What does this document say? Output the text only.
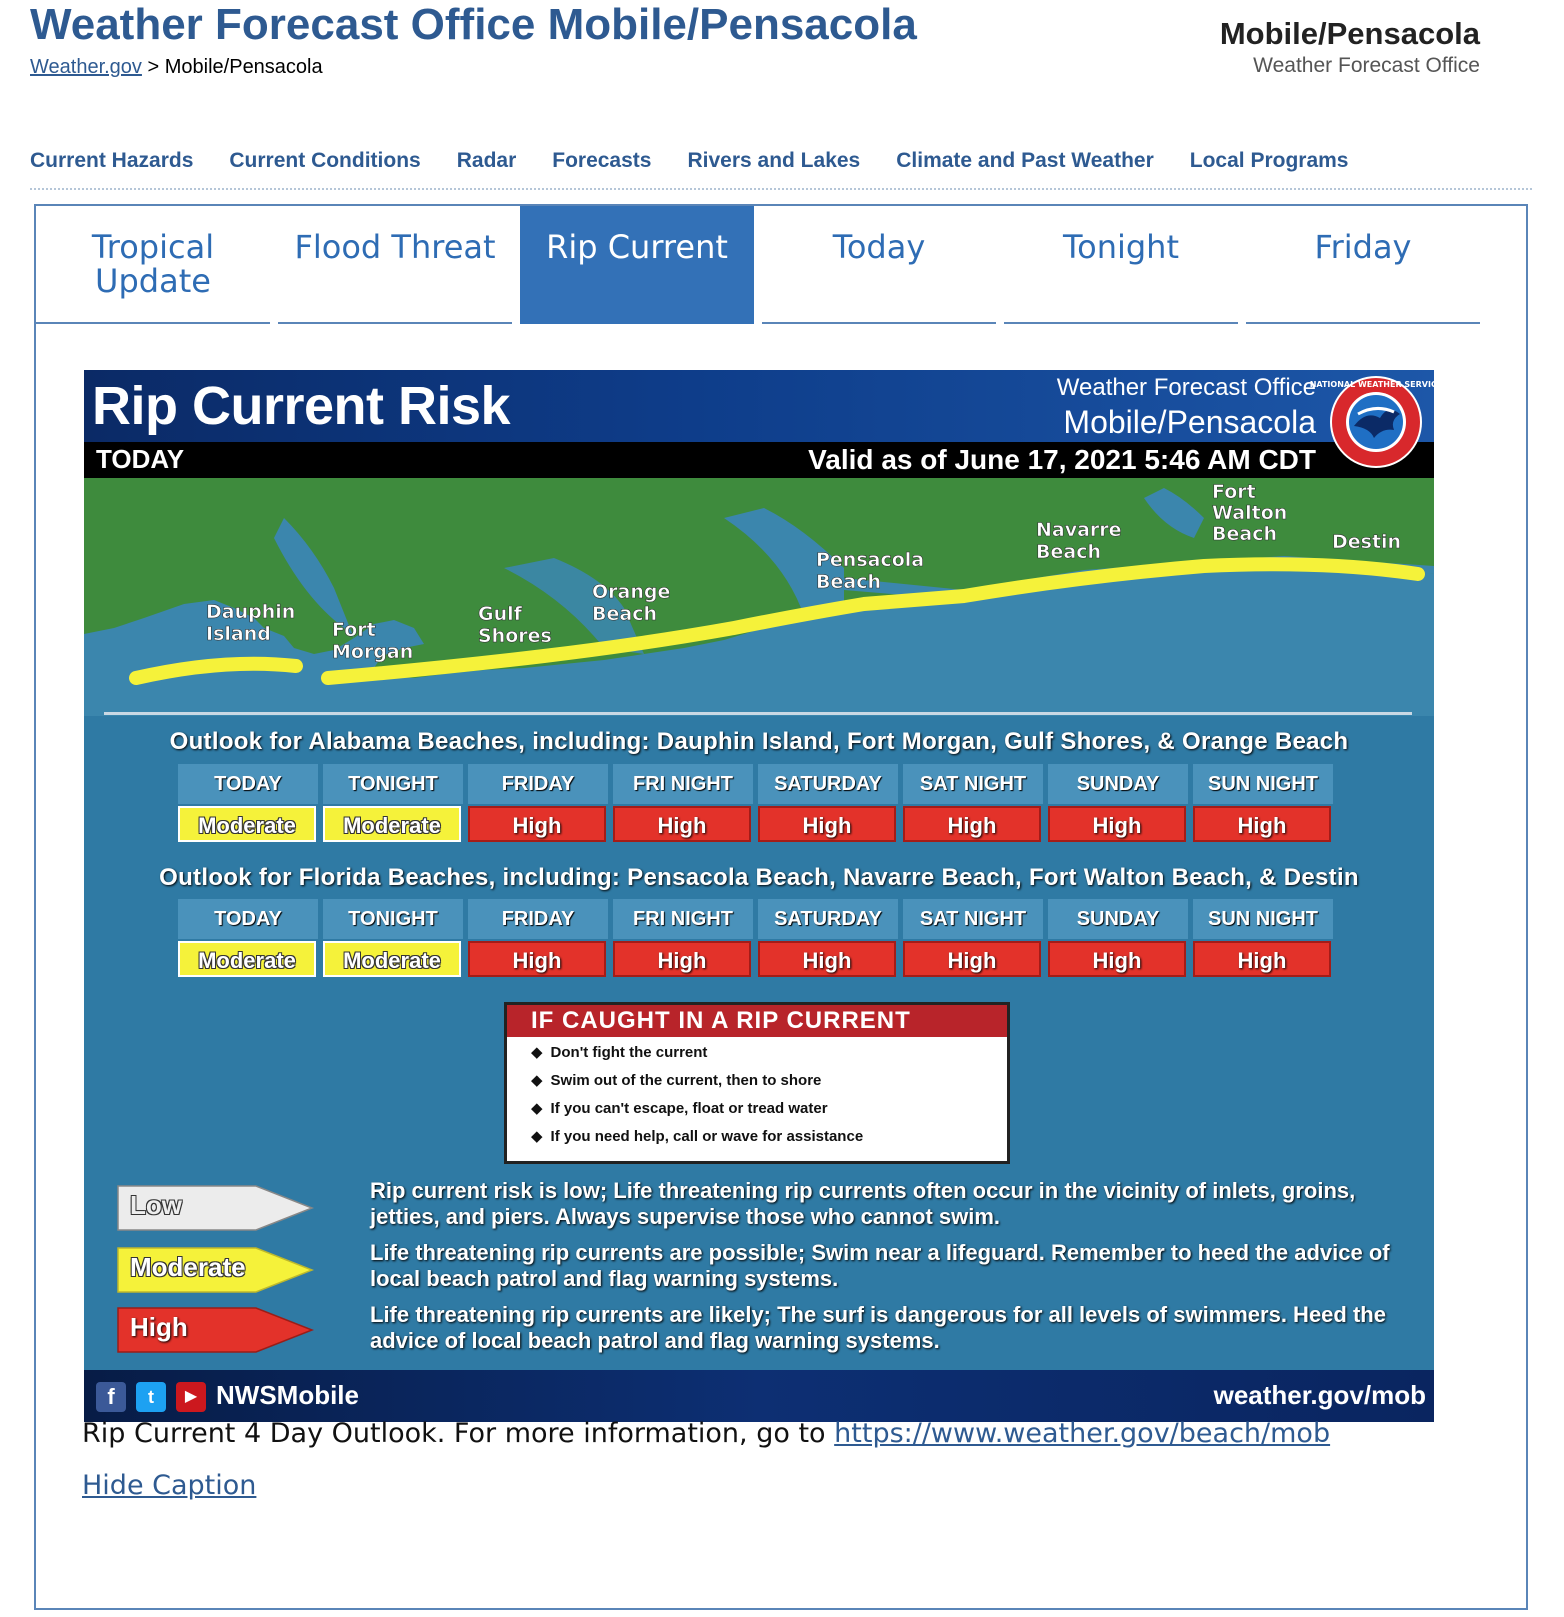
Weather Forecast Office Mobile/Pensacola
Weather.gov > Mobile/Pensacola
Mobile/Pensacola
Weather Forecast Office
Current Hazards Current Conditions Radar Forecasts Rivers and Lakes Climate and Past Weather Local Programs
Tropical Update
Flood Threat	Rip Current	Today	Tonight	Friday
Rip Current Risk
TODAY
Weather Forecast Office
Mobile/Pensacola
Valid as of June 17, 2021 5:46 AM CDT
NATIONAL WEATHER SERVICE
Dauphin
Island	Fort
Morgan
Gulf
Shores
Orange
Beach
Pensacola
Beach
Navarre
Beach
Fort
Walton
Beach	Destin
Outlook for Alabama Beaches, including: Dauphin Island, Fort Morgan, Gulf Shores, & Orange Beach
TODAY	TONIGHT	FRIDAY	FRI NIGHT	SATURDAY	SAT NIGHT	SUNDAY	SUN NIGHT
Moderate	Moderate	High	High	High	High	High	High
Outlook for Florida Beaches, including: Pensacola Beach, Navarre Beach, Fort Walton Beach, & Destin
TODAY	TONIGHT	FRIDAY	FRI NIGHT	SATURDAY	SAT NIGHT	SUNDAY	SUN NIGHT
Moderate	Moderate	High	High	High	High	High	High
IF CAUGHT IN A RIP CURRENT
◆ Don't fight the current
◆ Swim out of the current, then to shore
◆ If you can't escape, float or tread water
◆ If you need help, call or wave for assistance
Low	Rip current risk is low; Life threatening rip currents often occur in the vicinity of inlets, groins, jetties, and piers. Always supervise those who cannot swim.
Moderate	Life threatening rip currents are possible; Swim near a lifeguard. Remember to heed the advice of local beach patrol and flag warning systems.
High	Life threatening rip currents are likely; The surf is dangerous for all levels of swimmers. Heed the advice of local beach patrol and flag warning systems.
f	t	▶ NWSMobile	weather.gov/mob
Rip Current 4 Day Outlook. For more information, go to https://www.weather.gov/beach/mob
Hide Caption
